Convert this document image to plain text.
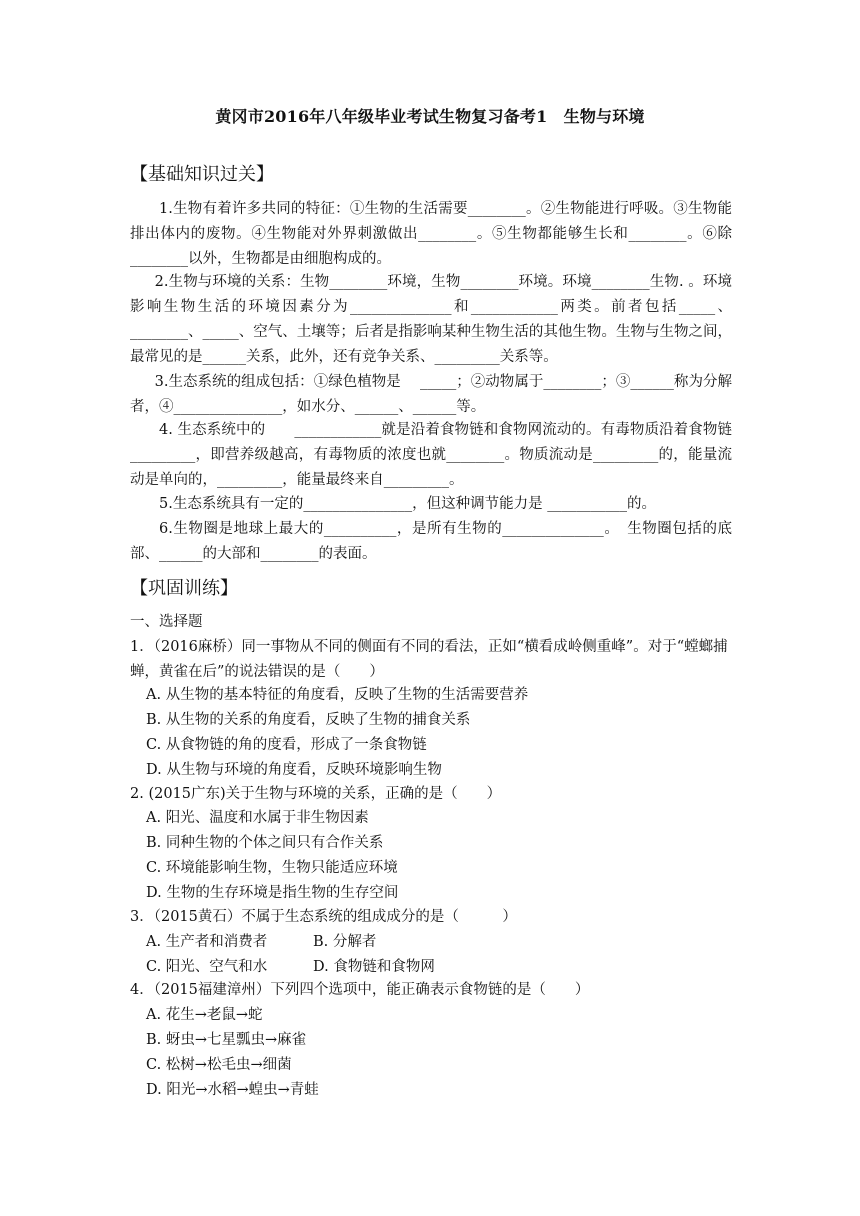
黄冈市2016年八年级毕业考试生物复习备考1　生物与环境
【基础知识过关】
1.生物有着许多共同的特征：①生物的生活需要________。②生物能进行呼吸。③生物能排出体内的废物。④生物能对外界刺激做出________。⑤生物都能够生长和________。⑥除________以外，生物都是由细胞构成的。
2.生物与环境的关系：生物________环境，生物________环境。环境________生物. 。环境影响生物生活的环境因素分为______________和____________两类。前者包括_____、________、_____、空气、土壤等；后者是指影响某种生物生活的其他生物。生物与生物之间，最常见的是______关系，此外，还有竞争关系、_________关系等。
3.生态系统的组成包括：①绿色植物是　 _____；②动物属于________；③______称为分解者，④_______________，如水分、______、______等。
4. 生态系统中的　　____________就是沿着食物链和食物网流动的。有毒物质沿着食物链_________，即营养级越高，有毒物质的浓度也就________。物质流动是_________的，能量流动是单向的，_________，能量最终来自_________。
5.生态系统具有一定的_______________，但这种调节能力是 ___________的。
6.生物圈是地球上最大的__________，是所有生物的______________。　生物圈包括的底部、______的大部和________的表面。
【巩固训练】
一、选择题
1．（2016麻桥）同一事物从不同的侧面有不同的看法，正如“横看成岭侧重峰”。对于“螳螂捕蝉，黄雀在后”的说法错误的是（　　）
A. 从生物的基本特征的角度看，反映了生物的生活需要营养
B. 从生物的关系的角度看，反映了生物的捕食关系
C. 从食物链的角的度看，形成了一条食物链
D. 从生物与环境的角度看，反映环境影响生物
2. (2015广东)关于生物与环境的关系，正确的是（　　）
A. 阳光、温度和水属于非生物因素
B. 同种生物的个体之间只有合作关系
C. 环境能影响生物，生物只能适应环境
D. 生物的生存环境是指生物的生存空间
3．（2015黄石）不属于生态系统的组成成分的是（　　　）
A. 生产者和消费者	B. 分解者
C. 阳光、空气和水	D. 食物链和食物网
4．（2015福建漳州）下列四个选项中，能正确表示食物链的是（　　）
A. 花生→老鼠→蛇
B. 蚜虫→七星瓢虫→麻雀
C. 松树→松毛虫→细菌
D. 阳光→水稻→蝗虫→青蛙
